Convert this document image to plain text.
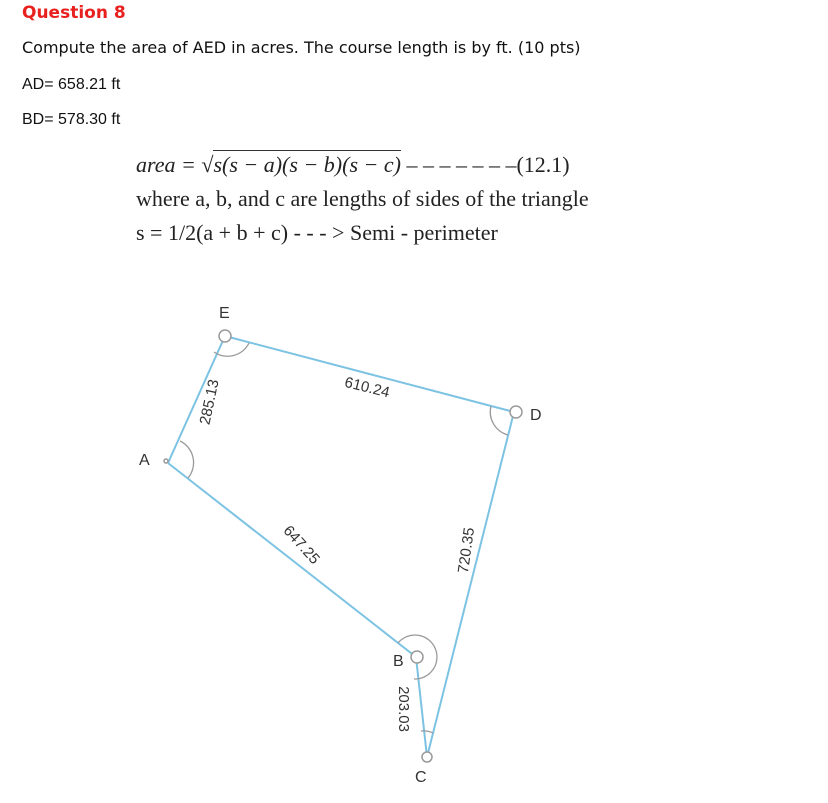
Question 8
Compute the area of AED in acres. The course length is by ft. (10 pts)
AD= 658.21 ft
BD= 578.30 ft
area = √s(s − a)(s − b)(s − c) – – – – – – –(12.1)
where a, b, and c are lengths of sides of the triangle
s = 1/2(a + b + c) - - - > Semi - perimeter
E
A
D
B
C
285.13	610.24
720.35
203.03
647.25
